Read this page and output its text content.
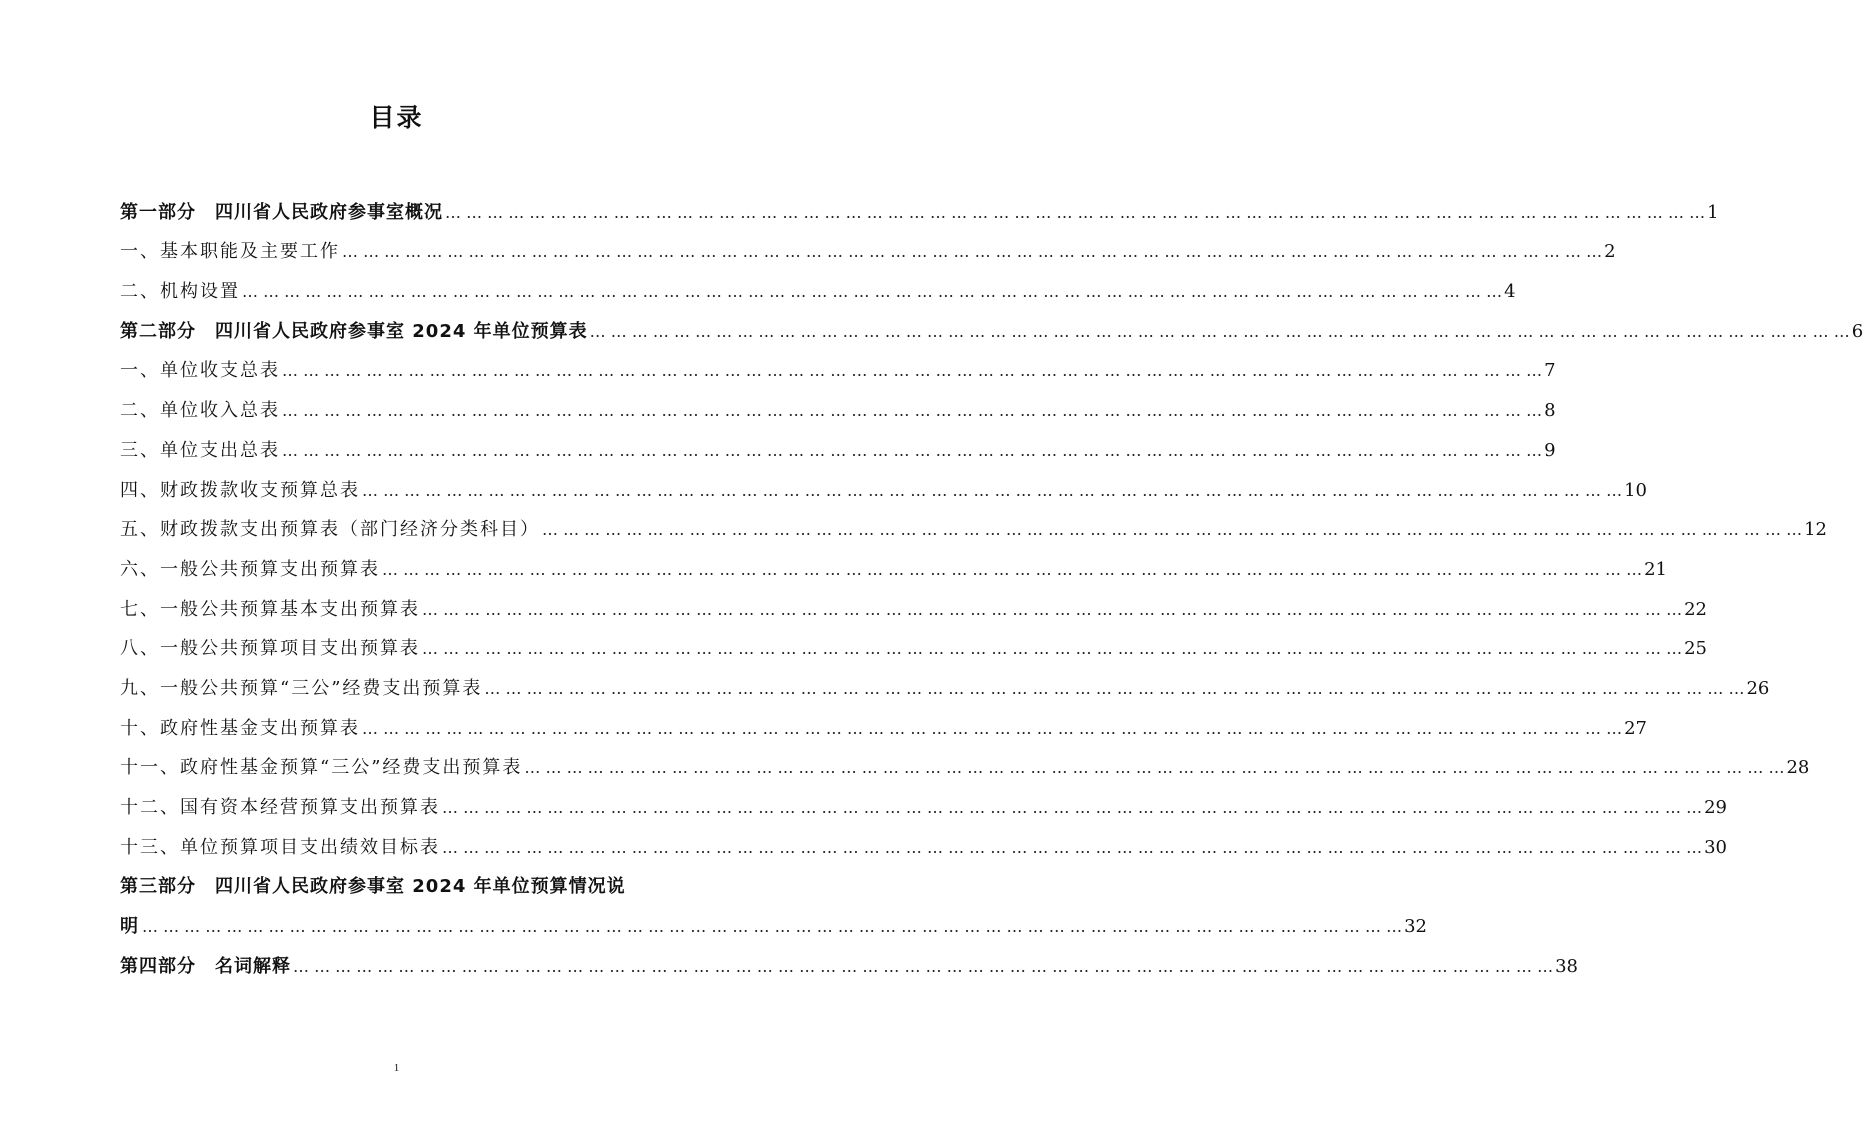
目录
第一部分　四川省人民政府参事室概况 … … … … … … … … … … … … … … … … … … … … … … … … … … … … … … … … … … … … … … … … … … … … … … … … … … … … … … … … … … … … 1
一、基本职能及主要工作 … … … … … … … … … … … … … … … … … … … … … … … … … … … … … … … … … … … … … … … … … … … … … … … … … … … … … … … … … … … … 2
二、机构设置 … … … … … … … … … … … … … … … … … … … … … … … … … … … … … … … … … … … … … … … … … … … … … … … … … … … … … … … … … … … … 4
第二部分　四川省人民政府参事室 2024 年单位预算表 … … … … … … … … … … … … … … … … … … … … … … … … … … … … … … … … … … … … … … … … … … … … … … … … … … … … … … … … … … … … 6
一、单位收支总表 … … … … … … … … … … … … … … … … … … … … … … … … … … … … … … … … … … … … … … … … … … … … … … … … … … … … … … … … … … … … 7
二、单位收入总表 … … … … … … … … … … … … … … … … … … … … … … … … … … … … … … … … … … … … … … … … … … … … … … … … … … … … … … … … … … … … 8
三、单位支出总表 … … … … … … … … … … … … … … … … … … … … … … … … … … … … … … … … … … … … … … … … … … … … … … … … … … … … … … … … … … … … 9
四、财政拨款收支预算总表 … … … … … … … … … … … … … … … … … … … … … … … … … … … … … … … … … … … … … … … … … … … … … … … … … … … … … … … … … … … … 10
五、财政拨款支出预算表（部门经济分类科目） … … … … … … … … … … … … … … … … … … … … … … … … … … … … … … … … … … … … … … … … … … … … … … … … … … … … … … … … … … … … 12
六、一般公共预算支出预算表 … … … … … … … … … … … … … … … … … … … … … … … … … … … … … … … … … … … … … … … … … … … … … … … … … … … … … … … … … … … … 21
七、一般公共预算基本支出预算表 … … … … … … … … … … … … … … … … … … … … … … … … … … … … … … … … … … … … … … … … … … … … … … … … … … … … … … … … … … … … 22
八、一般公共预算项目支出预算表 … … … … … … … … … … … … … … … … … … … … … … … … … … … … … … … … … … … … … … … … … … … … … … … … … … … … … … … … … … … … 25
九、一般公共预算“三公”经费支出预算表 … … … … … … … … … … … … … … … … … … … … … … … … … … … … … … … … … … … … … … … … … … … … … … … … … … … … … … … … … … … … 26
十、政府性基金支出预算表 … … … … … … … … … … … … … … … … … … … … … … … … … … … … … … … … … … … … … … … … … … … … … … … … … … … … … … … … … … … … 27
十一、政府性基金预算“三公”经费支出预算表 … … … … … … … … … … … … … … … … … … … … … … … … … … … … … … … … … … … … … … … … … … … … … … … … … … … … … … … … … … … … 28
十二、国有资本经营预算支出预算表 … … … … … … … … … … … … … … … … … … … … … … … … … … … … … … … … … … … … … … … … … … … … … … … … … … … … … … … … … … … … 29
十三、单位预算项目支出绩效目标表 … … … … … … … … … … … … … … … … … … … … … … … … … … … … … … … … … … … … … … … … … … … … … … … … … … … … … … … … … … … … 30
第三部分　四川省人民政府参事室 2024 年单位预算情况说
明 … … … … … … … … … … … … … … … … … … … … … … … … … … … … … … … … … … … … … … … … … … … … … … … … … … … … … … … … … … … … 32
第四部分　名词解释 … … … … … … … … … … … … … … … … … … … … … … … … … … … … … … … … … … … … … … … … … … … … … … … … … … … … … … … … … … … … 38
1
